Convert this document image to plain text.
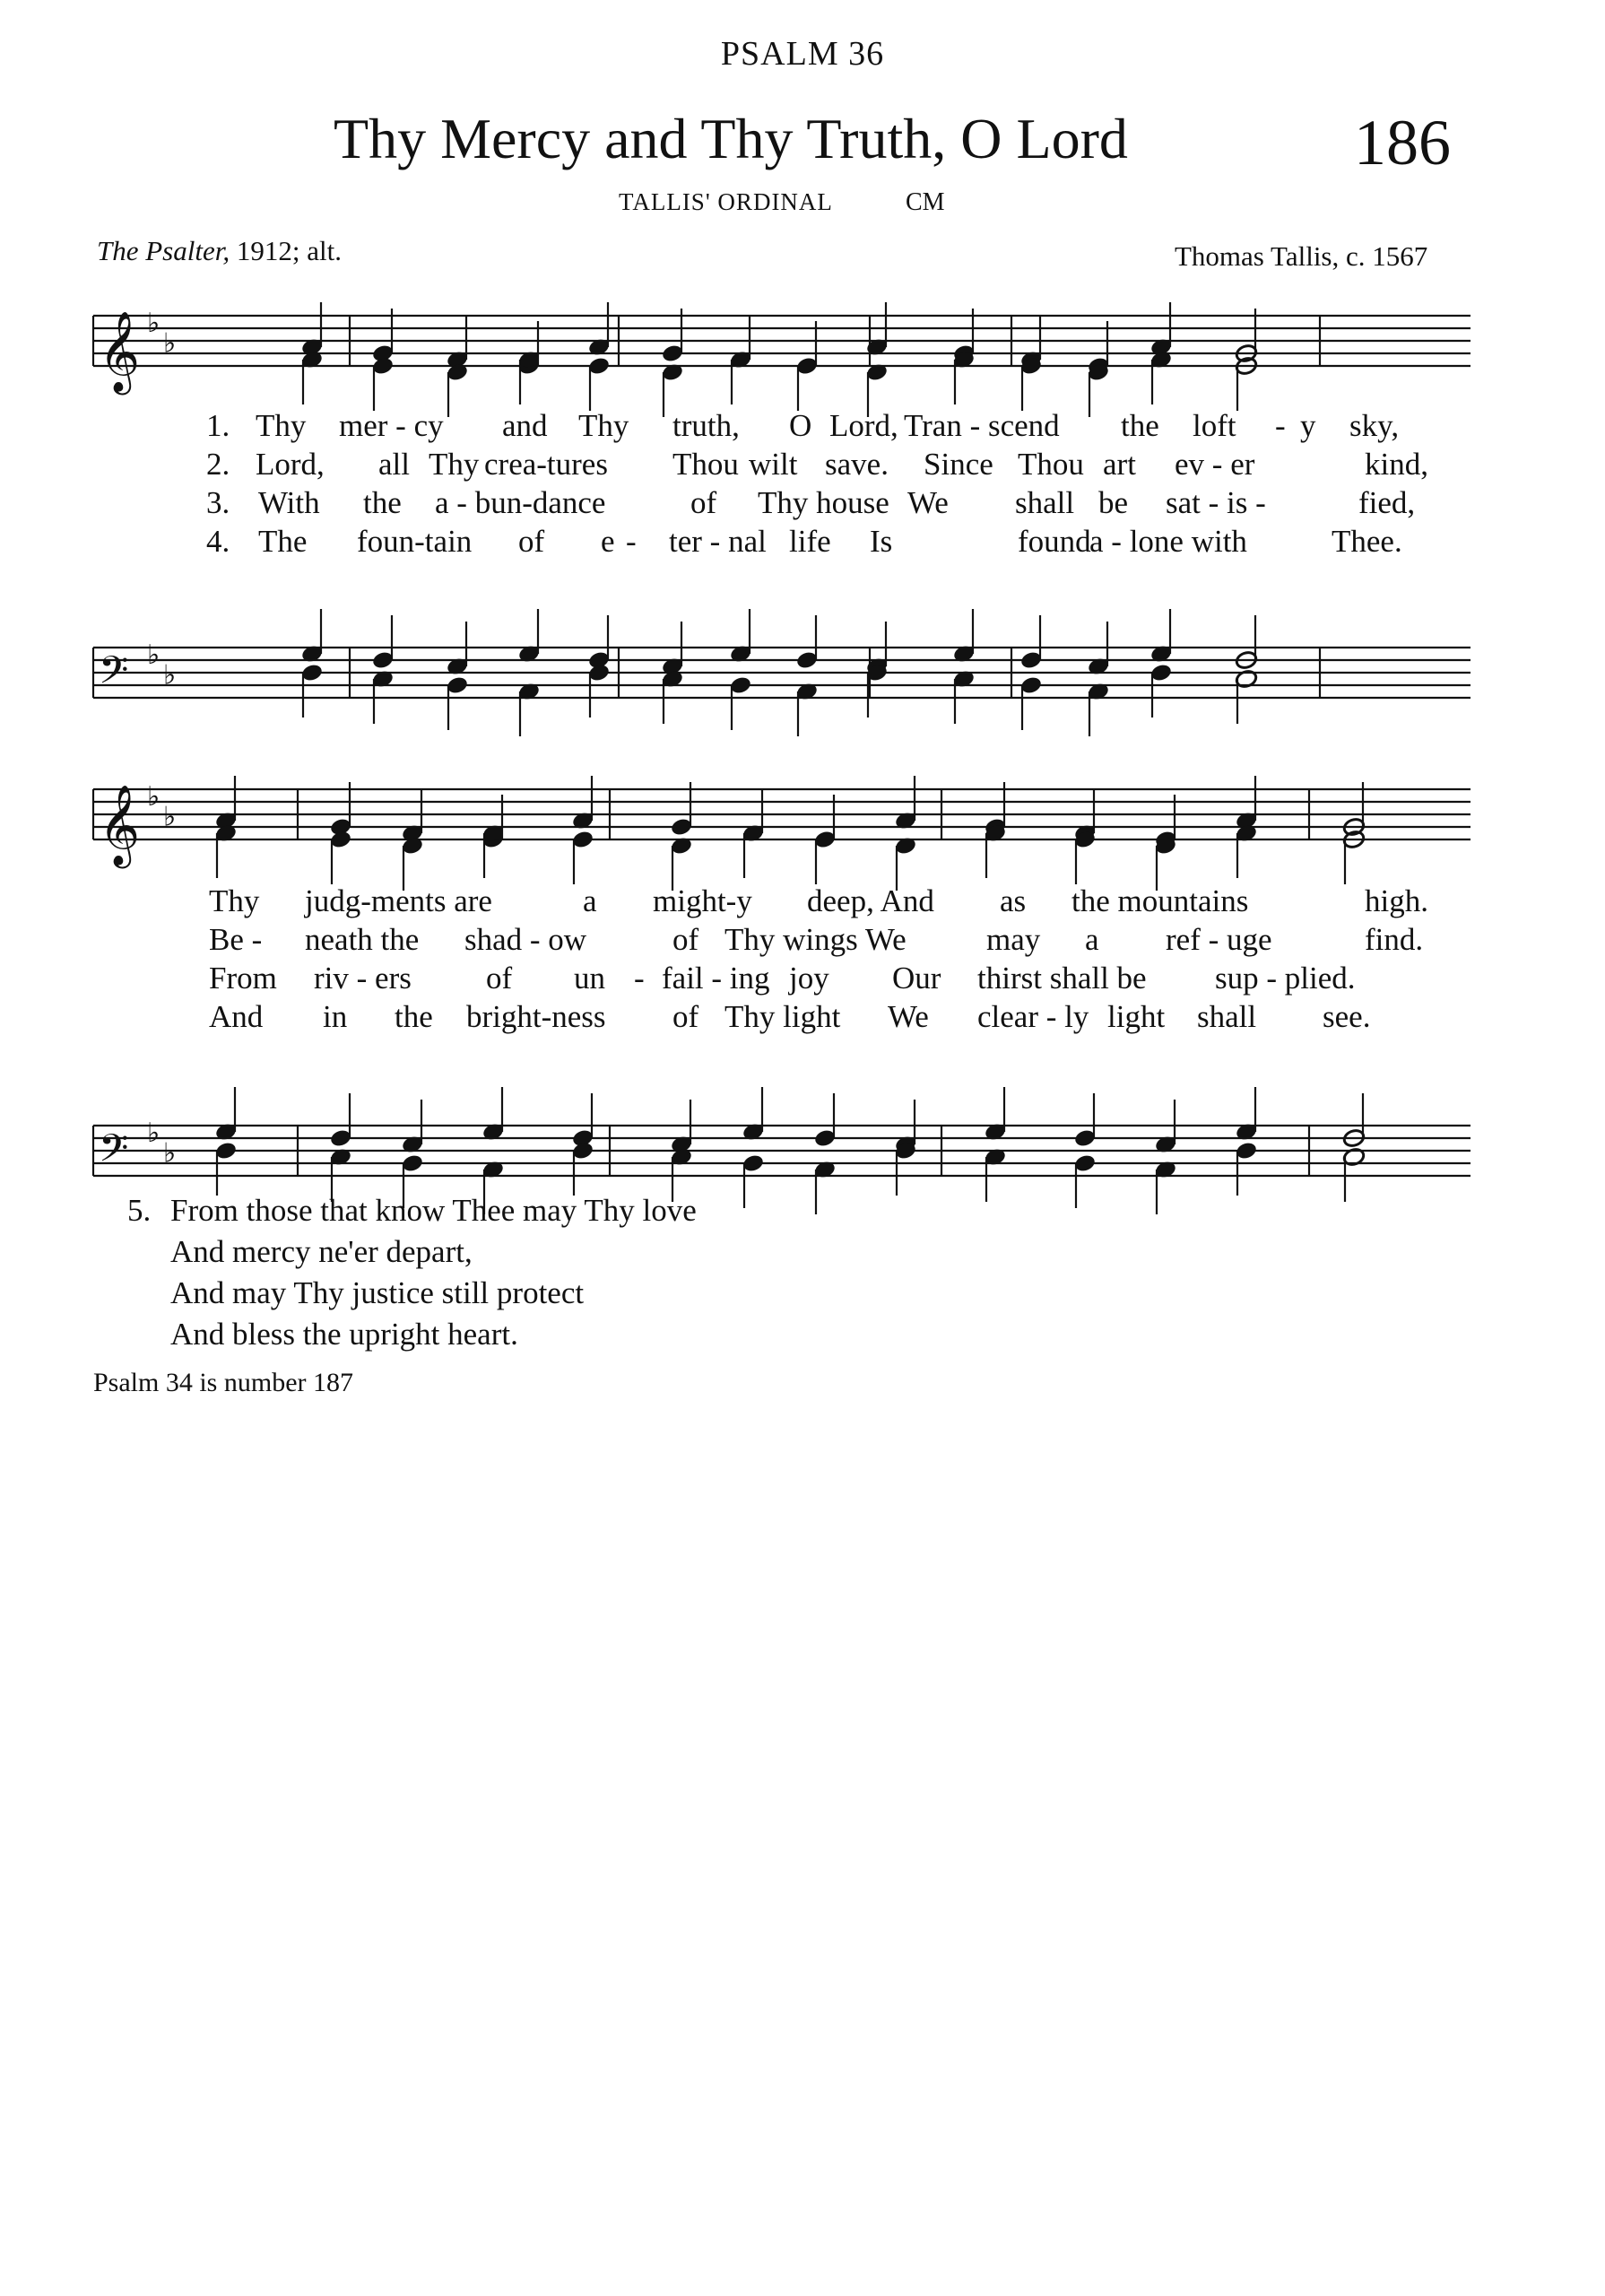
PSALM 36
Thy Mercy and Thy Truth, O Lord	186
TALLIS' ORDINAL	CM
The Psalter, 1912; alt.	Thomas Tallis, c. 1567
𝄞 ♭
♭
𝄢 ♭
♭
𝄞 ♭
♭
𝄢 ♭
♭
1. Thy mer - cy and Thy truth, O Lord, Tran - scend the loft - y sky,
2. Lord, all Thy crea-tures Thou wilt save. Since Thou art ev - er	kind,
3. With the a - bun-dance	of Thy house We shall be sat - is -	fied,
4. The foun-tain of e - ter - nal life Is	found
a - lone with	Thee.
Thy judg-ments are	a might-y deep, And as the mountains	high.
Be - neath the shad - ow	of Thy wings We	may a ref - uge	find.
From riv - ers of un - fail - ing joy Our thirst shall be sup - plied.
And in the bright-ness of Thy light We clear - ly light shall see.
5. From those that know Thee may Thy love
And mercy ne'er depart,
And may Thy justice still protect
And bless the upright heart.
Psalm 34 is number 187
